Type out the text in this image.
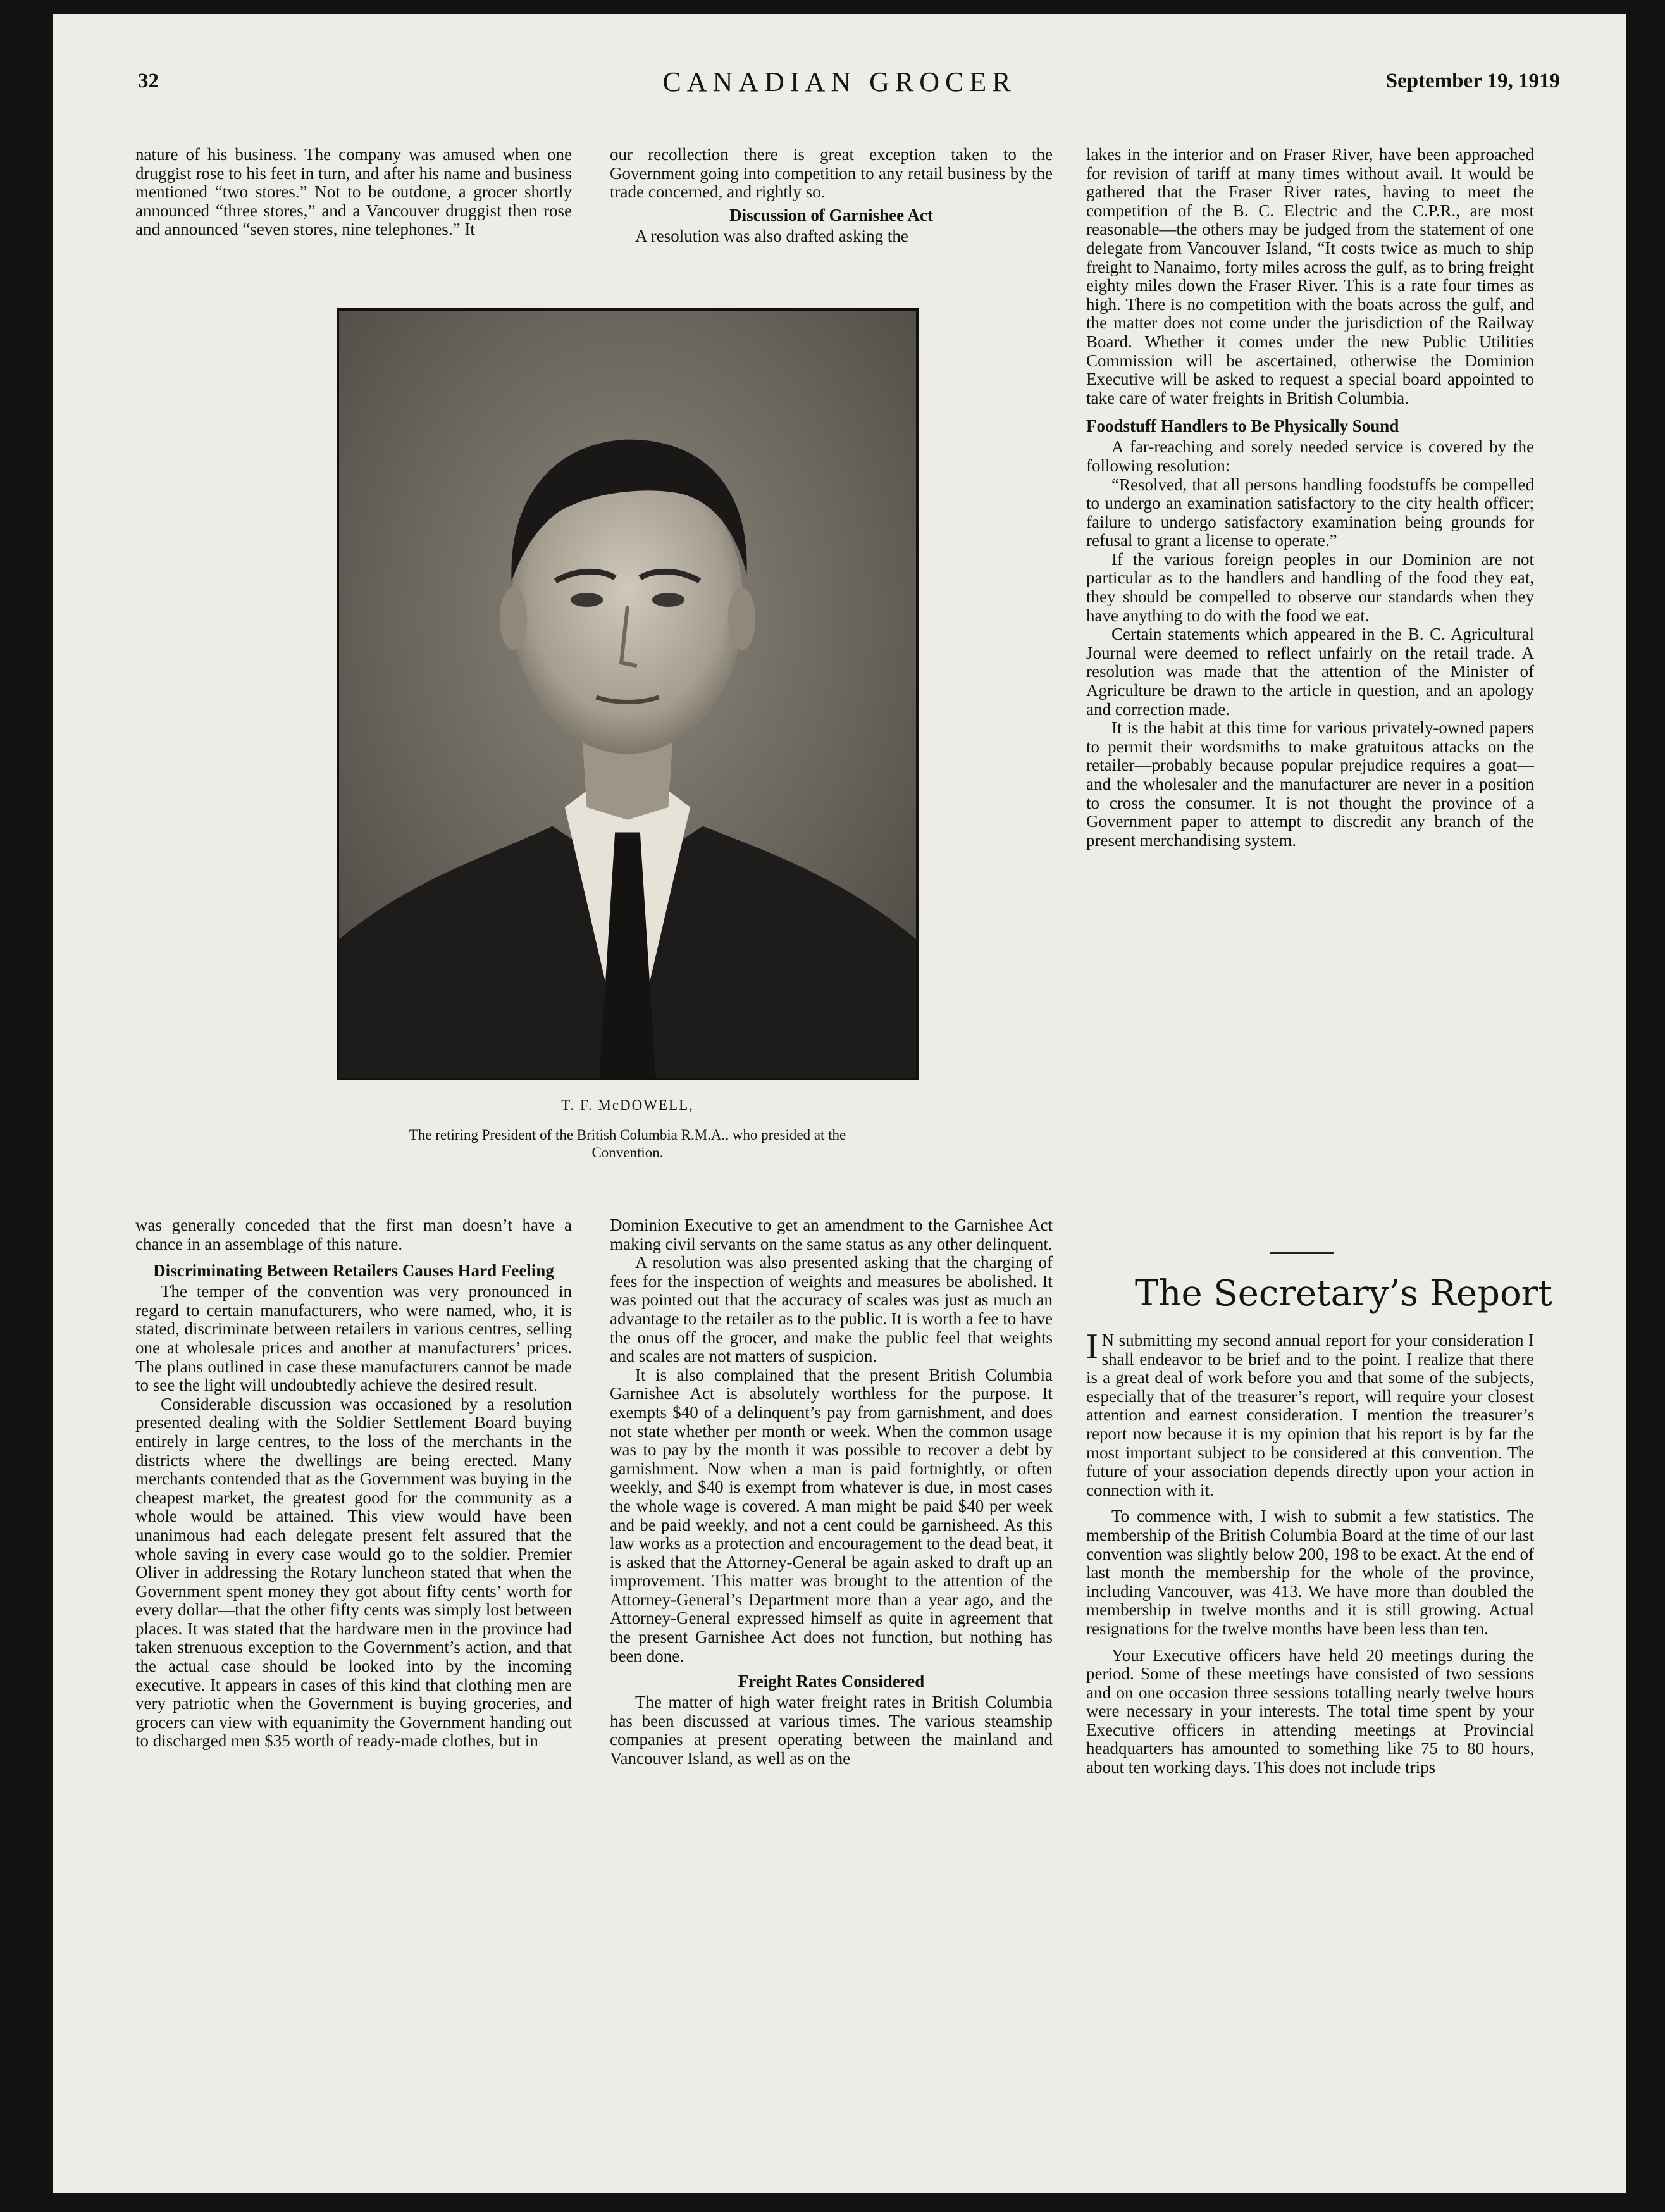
32	CANADIAN GROCER	September 19, 1919

nature of his business. The company was amused when one druggist rose to his feet in turn, and after his name and business mentioned “two stores.” Not to be outdone, a grocer shortly announced “three stores,” and a Vancouver druggist then rose and announced “seven stores, nine telephones.” It

our recollection there is great exception taken to the Government going into competition to any retail business by the trade concerned, and rightly so.

Discussion of Garnishee Act

A resolution was also drafted asking the

T. F. McDOWELL,
The retiring President of the British Columbia R.M.A., who presided at the Convention.

lakes in the interior and on Fraser River, have been approached for revision of tariff at many times without avail. It would be gathered that the Fraser River rates, having to meet the competition of the B. C. Electric and the C.P.R., are most reasonable—the others may be judged from the statement of one delegate from Vancouver Island, “It costs twice as much to ship freight to Nanaimo, forty miles across the gulf, as to bring freight eighty miles down the Fraser River. This is a rate four times as high. There is no competition with the boats across the gulf, and the matter does not come under the jurisdiction of the Railway Board. Whether it comes under the new Public Utilities Commission will be ascertained, otherwise the Dominion Executive will be asked to request a special board appointed to take care of water freights in British Columbia.

Foodstuff Handlers to Be Physically Sound

A far-reaching and sorely needed service is covered by the following resolution:

“Resolved, that all persons handling foodstuffs be compelled to undergo an examination satisfactory to the city health officer; failure to undergo satisfactory examination being grounds for refusal to grant a license to operate.”

If the various foreign peoples in our Dominion are not particular as to the handlers and handling of the food they eat, they should be compelled to observe our standards when they have anything to do with the food we eat.

Certain statements which appeared in the B. C. Agricultural Journal were deemed to reflect unfairly on the retail trade. A resolution was made that the attention of the Minister of Agriculture be drawn to the article in question, and an apology and correction made.

It is the habit at this time for various privately-owned papers to permit their wordsmiths to make gratuitous attacks on the retailer—probably because popular prejudice requires a goat—and the wholesaler and the manufacturer are never in a position to cross the consumer. It is not thought the province of a Government paper to attempt to discredit any branch of the present merchandising system.

The Secretary’s Report

I N submitting my second annual report for your consideration I shall endeavor to be brief and to the point. I realize that there is a great deal of work before you and that some of the subjects, especially that of the treasurer’s report, will require your closest attention and earnest consideration. I mention the treasurer’s report now because it is my opinion that his report is by far the most important subject to be considered at this convention. The future of your association depends directly upon your action in connection with it.

To commence with, I wish to submit a few statistics. The membership of the British Columbia Board at the time of our last convention was slightly below 200, 198 to be exact. At the end of last month the membership for the whole of the province, including Vancouver, was 413. We have more than doubled the membership in twelve months and it is still growing. Actual resignations for the twelve months have been less than ten.

Your Executive officers have held 20 meetings during the period. Some of these meetings have consisted of two sessions and on one occasion three sessions totalling nearly twelve hours were necessary in your interests. The total time spent by your Executive officers in attending meetings at Provincial headquarters has amounted to something like 75 to 80 hours, about ten working days. This does not include trips

was generally conceded that the first man doesn’t have a chance in an assemblage of this nature.

Discriminating Between Retailers Causes Hard Feeling

The temper of the convention was very pronounced in regard to certain manufacturers, who were named, who, it is stated, discriminate between retailers in various centres, selling one at wholesale prices and another at manufacturers’ prices. The plans outlined in case these manufacturers cannot be made to see the light will undoubtedly achieve the desired result.

Considerable discussion was occasioned by a resolution presented dealing with the Soldier Settlement Board buying entirely in large centres, to the loss of the merchants in the districts where the dwellings are being erected. Many merchants contended that as the Government was buying in the cheapest market, the greatest good for the community as a whole would be attained. This view would have been unanimous had each delegate present felt assured that the whole saving in every case would go to the soldier. Premier Oliver in addressing the Rotary luncheon stated that when the Government spent money they got about fifty cents’ worth for every dollar—that the other fifty cents was simply lost between places. It was stated that the hardware men in the province had taken strenuous exception to the Government’s action, and that the actual case should be looked into by the incoming executive. It appears in cases of this kind that clothing men are very patriotic when the Government is buying groceries, and grocers can view with equanimity the Government handing out to discharged men $35 worth of ready-made clothes, but in

Dominion Executive to get an amendment to the Garnishee Act making civil servants on the same status as any other delinquent.

A resolution was also presented asking that the charging of fees for the inspection of weights and measures be abolished. It was pointed out that the accuracy of scales was just as much an advantage to the retailer as to the public. It is worth a fee to have the onus off the grocer, and make the public feel that weights and scales are not matters of suspicion.

It is also complained that the present British Columbia Garnishee Act is absolutely worthless for the purpose. It exempts $40 of a delinquent’s pay from garnishment, and does not state whether per month or week. When the common usage was to pay by the month it was possible to recover a debt by garnishment. Now when a man is paid fortnightly, or often weekly, and $40 is exempt from whatever is due, in most cases the whole wage is covered. A man might be paid $40 per week and be paid weekly, and not a cent could be garnisheed. As this law works as a protection and encouragement to the dead beat, it is asked that the Attorney-General be again asked to draft up an improvement. This matter was brought to the attention of the Attorney-General’s Department more than a year ago, and the Attorney-General expressed himself as quite in agreement that the present Garnishee Act does not function, but nothing has been done.

Freight Rates Considered

The matter of high water freight rates in British Columbia has been discussed at various times. The various steamship companies at present operating between the mainland and Vancouver Island, as well as on the
